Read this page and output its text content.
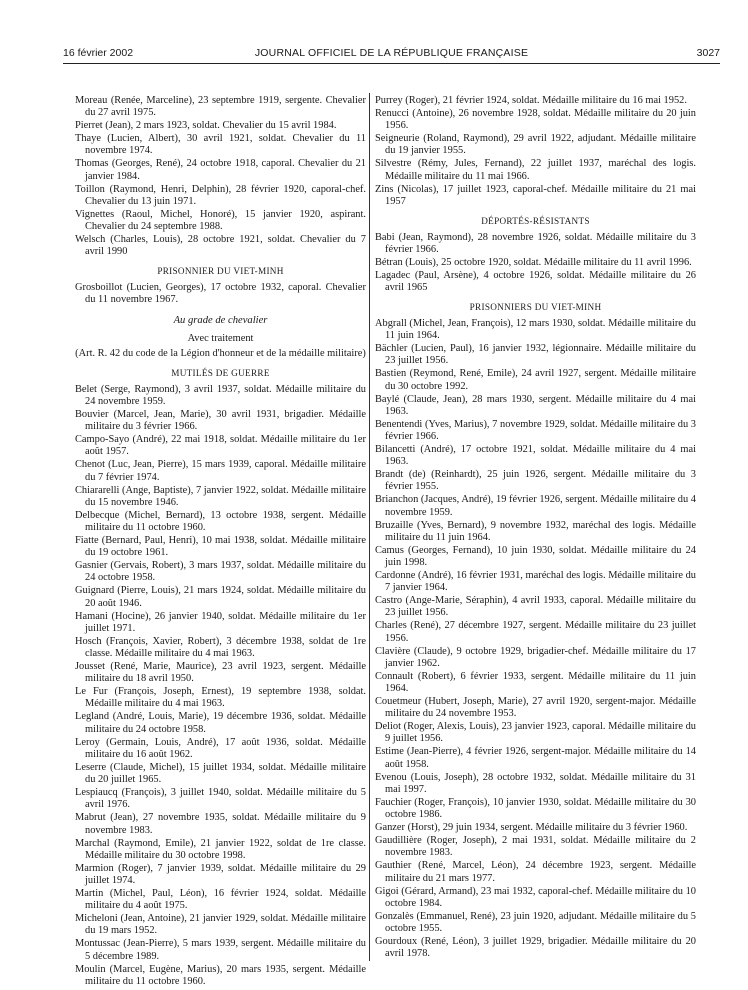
16 février 2002	JOURNAL OFFICIEL DE LA RÉPUBLIQUE FRANÇAISE	3027

Moreau (Renée, Marceline), 23 septembre 1919, sergente. Chevalier du 27 avril 1975.

Pierret (Jean), 2 mars 1923, soldat. Chevalier du 15 avril 1984.

Thaye (Lucien, Albert), 30 avril 1921, soldat. Chevalier du 11 novembre 1974.

Thomas (Georges, René), 24 octobre 1918, caporal. Chevalier du 21 janvier 1984.

Toillon (Raymond, Henri, Delphin), 28 février 1920, caporal-chef. Chevalier du 13 juin 1971.

Vignettes (Raoul, Michel, Honoré), 15 janvier 1920, aspirant. Chevalier du 24 septembre 1988.

Welsch (Charles, Louis), 28 octobre 1921, soldat. Chevalier du 7 avril 1990

PRISONNIER DU VIET-MINH

Grosboillot (Lucien, Georges), 17 octobre 1932, caporal. Chevalier du 11 novembre 1967.

Au grade de chevalier
Avec traitement
(Art. R. 42 du code de la Légion d'honneur et de la médaille militaire)
MUTILÉS DE GUERRE

Belet (Serge, Raymond), 3 avril 1937, soldat. Médaille militaire du 24 novembre 1959.

Bouvier (Marcel, Jean, Marie), 30 avril 1931, brigadier. Médaille militaire du 3 février 1966.

Campo-Sayo (André), 22 mai 1918, soldat. Médaille militaire du 1er août 1957.

Chenot (Luc, Jean, Pierre), 15 mars 1939, caporal. Médaille militaire du 7 février 1974.

Chiararelli (Ange, Baptiste), 7 janvier 1922, soldat. Médaille militaire du 15 novembre 1946.

Delbecque (Michel, Bernard), 13 octobre 1938, sergent. Médaille militaire du 11 octobre 1960.

Fiatte (Bernard, Paul, Henri), 10 mai 1938, soldat. Médaille militaire du 19 octobre 1961.

Gasnier (Gervais, Robert), 3 mars 1937, soldat. Médaille militaire du 24 octobre 1958.

Guignard (Pierre, Louis), 21 mars 1924, soldat. Médaille militaire du 20 août 1946.

Hamani (Hocine), 26 janvier 1940, soldat. Médaille militaire du 1er juillet 1971.

Hosch (François, Xavier, Robert), 3 décembre 1938, soldat de 1re classe. Médaille militaire du 4 mai 1963.

Jousset (René, Marie, Maurice), 23 avril 1923, sergent. Médaille militaire du 18 avril 1950.

Le Fur (François, Joseph, Ernest), 19 septembre 1938, soldat. Médaille militaire du 4 mai 1963.

Legland (André, Louis, Marie), 19 décembre 1936, soldat. Médaille militaire du 24 octobre 1958.

Leroy (Germain, Louis, André), 17 août 1936, soldat. Médaille militaire du 16 août 1962.

Leserre (Claude, Michel), 15 juillet 1934, soldat. Médaille militaire du 20 juillet 1965.

Lespiaucq (François), 3 juillet 1940, soldat. Médaille militaire du 5 avril 1976.

Mabrut (Jean), 27 novembre 1935, soldat. Médaille militaire du 9 novembre 1983.

Marchal (Raymond, Emile), 21 janvier 1922, soldat de 1re classe. Médaille militaire du 30 octobre 1998.

Marmion (Roger), 7 janvier 1939, soldat. Médaille militaire du 29 juillet 1974.

Martin (Michel, Paul, Léon), 16 février 1924, soldat. Médaille militaire du 4 août 1975.

Micheloni (Jean, Antoine), 21 janvier 1929, soldat. Médaille militaire du 19 mars 1952.

Montussac (Jean-Pierre), 5 mars 1939, sergent. Médaille militaire du 5 décembre 1989.

Moulin (Marcel, Eugène, Marius), 20 mars 1935, sergent. Médaille militaire du 11 octobre 1960.

Purrey (Roger), 21 février 1924, soldat. Médaille militaire du 16 mai 1952.

Renucci (Antoine), 26 novembre 1928, soldat. Médaille militaire du 20 juin 1956.

Seigneurie (Roland, Raymond), 29 avril 1922, adjudant. Médaille militaire du 19 janvier 1955.

Silvestre (Rémy, Jules, Fernand), 22 juillet 1937, maréchal des logis. Médaille militaire du 11 mai 1966.

Zins (Nicolas), 17 juillet 1923, caporal-chef. Médaille militaire du 21 mai 1957

DÉPORTÉS-RÉSISTANTS

Babi (Jean, Raymond), 28 novembre 1926, soldat. Médaille militaire du 3 février 1966.

Bétran (Louis), 25 octobre 1920, soldat. Médaille militaire du 11 avril 1996.

Lagadec (Paul, Arsène), 4 octobre 1926, soldat. Médaille militaire du 26 avril 1965

PRISONNIERS DU VIET-MINH

Abgrall (Michel, Jean, François), 12 mars 1930, soldat. Médaille militaire du 11 juin 1964.

Bächler (Lucien, Paul), 16 janvier 1932, légionnaire. Médaille militaire du 23 juillet 1956.

Bastien (Reymond, René, Emile), 24 avril 1927, sergent. Médaille militaire du 30 octobre 1992.

Baylé (Claude, Jean), 28 mars 1930, sergent. Médaille militaire du 4 mai 1963.

Benentendi (Yves, Marius), 7 novembre 1929, soldat. Médaille militaire du 3 février 1966.

Bilancetti (André), 17 octobre 1921, soldat. Médaille militaire du 4 mai 1963.

Brandt (de) (Reinhardt), 25 juin 1926, sergent. Médaille militaire du 3 février 1955.

Brianchon (Jacques, André), 19 février 1926, sergent. Médaille militaire du 4 novembre 1959.

Bruzaille (Yves, Bernard), 9 novembre 1932, maréchal des logis. Médaille militaire du 11 juin 1964.

Camus (Georges, Fernand), 10 juin 1930, soldat. Médaille militaire du 24 juin 1998.

Cardonne (André), 16 février 1931, maréchal des logis. Médaille militaire du 7 janvier 1964.

Castro (Ange-Marie, Séraphin), 4 avril 1933, caporal. Médaille militaire du 23 juillet 1956.

Charles (René), 27 décembre 1927, sergent. Médaille militaire du 23 juillet 1956.

Clavière (Claude), 9 octobre 1929, brigadier-chef. Médaille militaire du 17 janvier 1962.

Connault (Robert), 6 février 1933, sergent. Médaille militaire du 11 juin 1964.

Couetmeur (Hubert, Joseph, Marie), 27 avril 1920, sergent-major. Médaille militaire du 24 novembre 1953.

Deliot (Roger, Alexis, Louis), 23 janvier 1923, caporal. Médaille militaire du 9 juillet 1956.

Estime (Jean-Pierre), 4 février 1926, sergent-major. Médaille militaire du 14 août 1958.

Evenou (Louis, Joseph), 28 octobre 1932, soldat. Médaille militaire du 31 mai 1997.

Fauchier (Roger, François), 10 janvier 1930, soldat. Médaille militaire du 30 octobre 1986.

Ganzer (Horst), 29 juin 1934, sergent. Médaille militaire du 3 février 1960.

Gaudillière (Roger, Joseph), 2 mai 1931, soldat. Médaille militaire du 2 novembre 1983.

Gauthier (René, Marcel, Léon), 24 décembre 1923, sergent. Médaille militaire du 21 mars 1977.

Gigoi (Gérard, Armand), 23 mai 1932, caporal-chef. Médaille militaire du 10 octobre 1984.

Gonzalès (Emmanuel, René), 23 juin 1920, adjudant. Médaille militaire du 5 octobre 1955.

Gourdoux (René, Léon), 3 juillet 1929, brigadier. Médaille militaire du 20 avril 1978.
